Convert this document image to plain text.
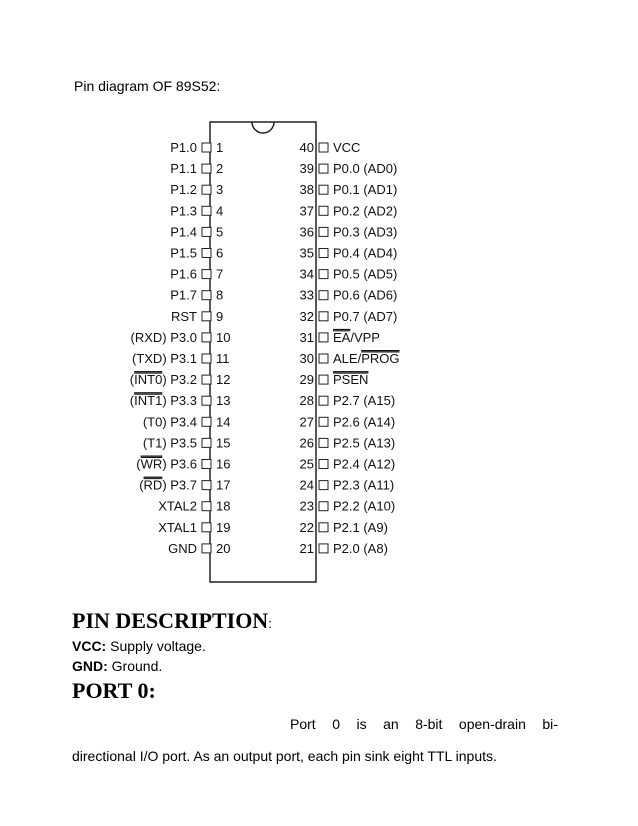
Pin diagram OF 89S52:
1
P1.0
2
P1.1
3
P1.2
4
P1.3
5
P1.4
6
P1.5
7
P1.6
8
P1.7
9
RST
10
(RXD) P3.0
11
(TXD) P3.1
12
(INT0) P3.2
13
(INT1) P3.3
14
(T0) P3.4
15
(T1) P3.5
16
(WR) P3.6
17
(RD) P3.7
18
XTAL2
19
XTAL1
20
GND
40 VCC
39 P0.0 (AD0)
38 P0.1 (AD1)
37 P0.2 (AD2)
36 P0.3 (AD3)
35 P0.4 (AD4)
34 P0.5 (AD5)
33 P0.6 (AD6)
32 P0.7 (AD7)
31 EA/VPP
30 ALE/PROG
29 PSEN
28 P2.7 (A15)
27 P2.6 (A14)
26 P2.5 (A13)
25 P2.4 (A12)
24 P2.3 (A11)
23 P2.2 (A10)
22 P2.1 (A9)
21 P2.0 (A8)
PIN DESCRIPTION:
VCC: Supply voltage.
GND: Ground.
PORT 0:
Port 0 is an 8-bit open-drain bi-
directional I/O port. As an output port, each pin sink eight TTL inputs.
